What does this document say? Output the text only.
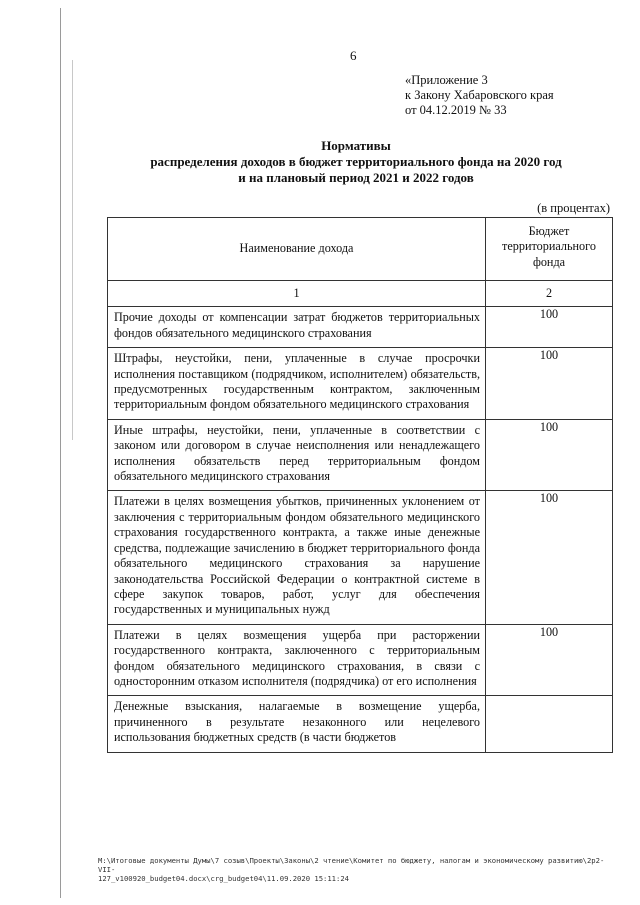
6
«Приложение 3
к Закону Хабаровского края
от 04.12.2019 № 33
Нормативы
распределения доходов в бюджет территориального фонда на 2020 год
и на плановый период 2021 и 2022 годов
(в процентах)
Наименование дохода	Бюджет территориального фонда
1	2
Прочие доходы от компенсации затрат бюджетов территориальных фондов обязательного медицинского страхования	100
Штрафы, неустойки, пени, уплаченные в случае просрочки исполнения поставщиком (подрядчиком, исполнителем) обязательств, предусмотренных государственным контрактом, заключенным территориальным фондом обязательного медицинского страхования	100
Иные штрафы, неустойки, пени, уплаченные в соответствии с законом или договором в случае неисполнения или ненадлежащего исполнения обязательств перед территориальным фондом обязательного медицинского страхования	100
Платежи в целях возмещения убытков, причиненных уклонением от заключения с территориальным фондом обязательного медицинского страхования государственного контракта, а также иные денежные средства, подлежащие зачислению в бюджет территориального фонда обязательного медицинского страхования за нарушение законодательства Российской Федерации о контрактной системе в сфере закупок товаров, работ, услуг для обеспечения государственных и муниципальных нужд	100
Платежи в целях возмещения ущерба при расторжении государственного контракта, заключенного с территориальным фондом обязательного медицинского страхования, в связи с односторонним отказом исполнителя (подрядчика) от его исполнения	100
Денежные взыскания, налагаемые в возмещение ущерба, причиненного в результате незаконного или нецелевого использования бюджетных средств (в части бюджетов	
M:\Итоговые документы Думы\7 созыв\Проекты\Законы\2 чтение\Комитет по бюджету, налогам и экономическому развитию\2р2-VII-
127_v100920_budget04.docx\crg_budget04\11.09.2020 15:11:24
